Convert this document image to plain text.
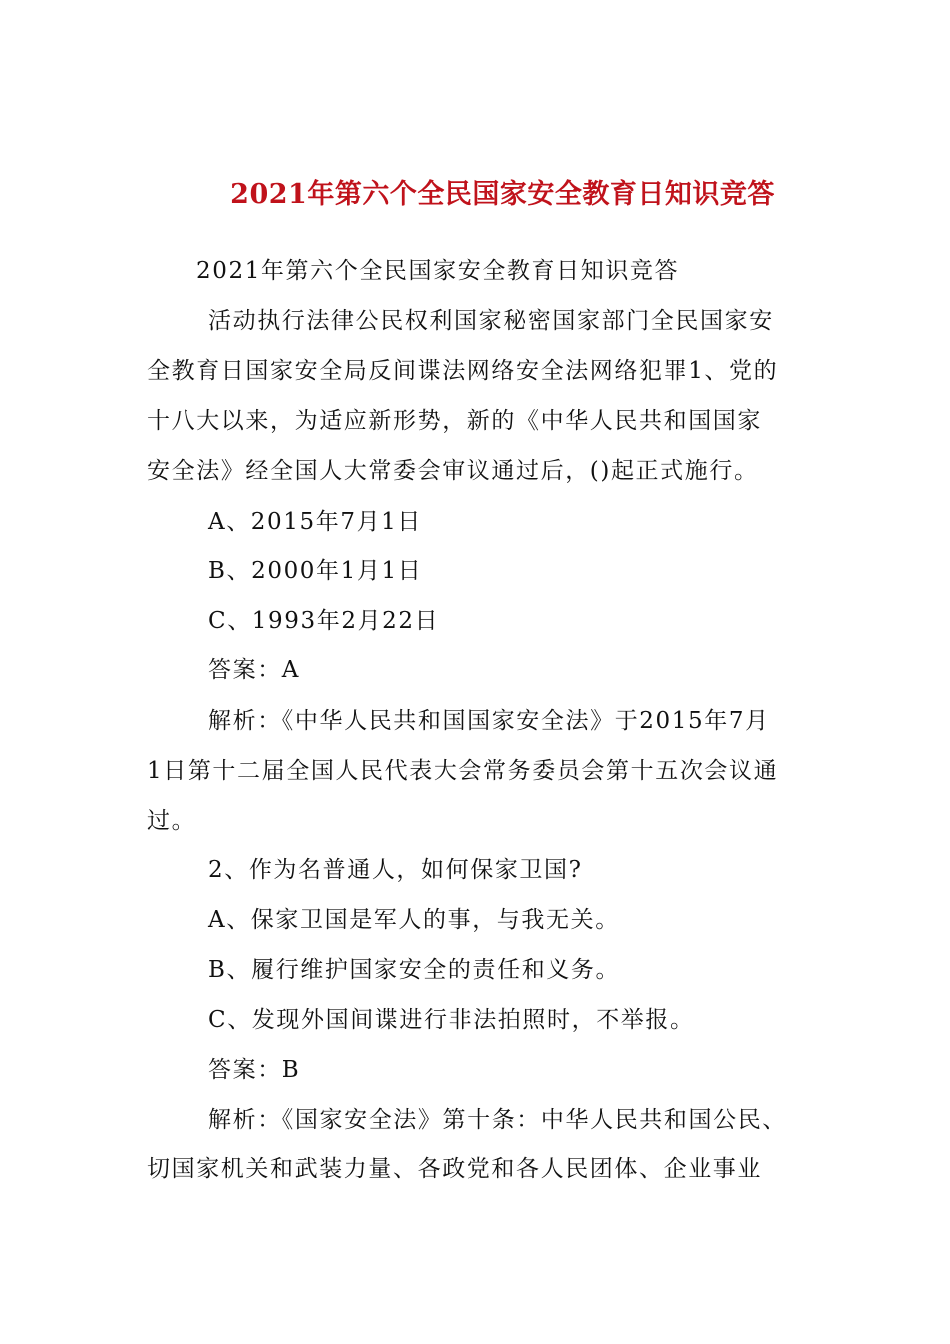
2021年第六个全民国家安全教育日知识竞答
2021年第六个全民国家安全教育日知识竞答
活动执行法律公民权利国家秘密国家部门全民国家安
全教育日国家安全局反间谍法网络安全法网络犯罪1、党的
十八大以来，为适应新形势，新的《中华人民共和国国家
安全法》经全国人大常委会审议通过后，()起正式施行。
A、2015年7月1日
B、2000年1月1日
C、1993年2月22日
答案：A
解析：《中华人民共和国国家安全法》于2015年7月
1日第十二届全国人民代表大会常务委员会第十五次会议通
过。
2、作为名普通人，如何保家卫国?
A、保家卫国是军人的事，与我无关。
B、履行维护国家安全的责任和义务。
C、发现外国间谍进行非法拍照时，不举报。
答案：B
解析：《国家安全法》第十条：中华人民共和国公民、
切国家机关和武装力量、各政党和各人民团体、企业事业
